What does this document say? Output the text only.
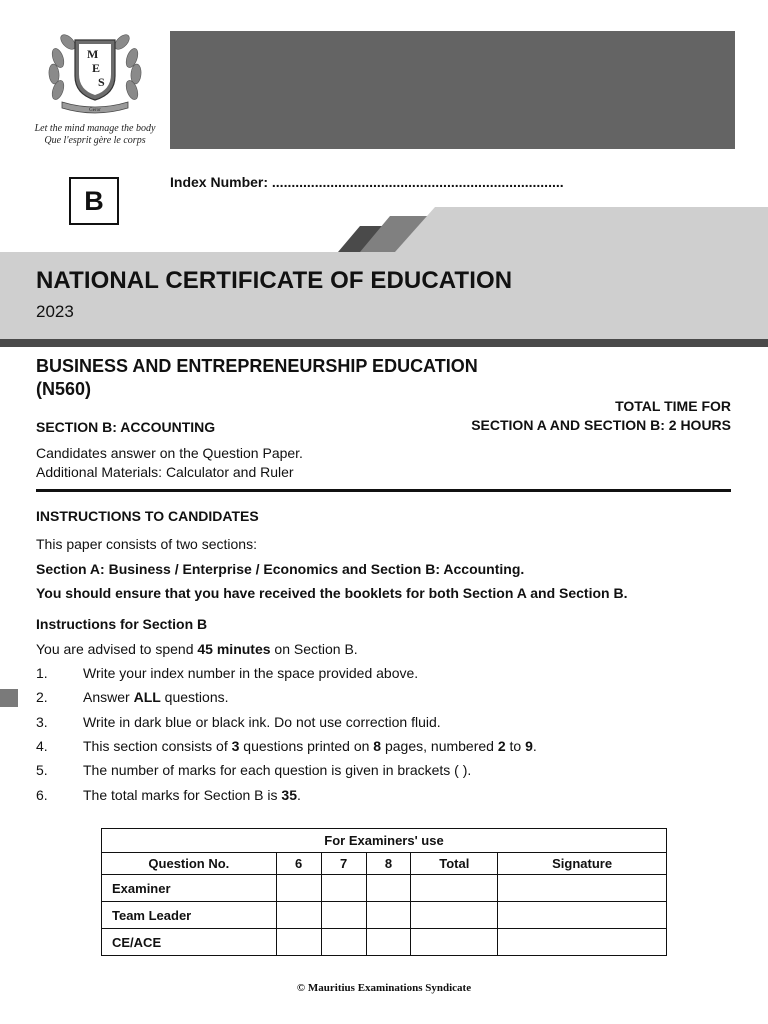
M
E
S
Geror
Let the mind manage the body
Que l'esprit gère le corps
B
Index Number: ...........................................................................
NATIONAL CERTIFICATE OF EDUCATION
2023
BUSINESS AND ENTREPRENEURSHIP EDUCATION
(N560)
TOTAL TIME FOR
SECTION A AND SECTION B: 2 HOURS
SECTION B: ACCOUNTING
Candidates answer on the Question Paper.
Additional Materials: Calculator and Ruler
INSTRUCTIONS TO CANDIDATES
This paper consists of two sections:
Section A: Business / Enterprise / Economics and Section B: Accounting.
You should ensure that you have received the booklets for both Section A and Section B.
Instructions for Section B
You are advised to spend 45 minutes on Section B.
1.	Write your index number in the space provided above.
2.	Answer ALL questions.
3.	Write in dark blue or black ink. Do not use correction fluid.
4.	This section consists of 3 questions printed on 8 pages, numbered 2 to 9.
5.	The number of marks for each question is given in brackets ( ).
6.	The total marks for Section B is 35.
For Examiners' use					
Question No.	6	7	8	Total	Signature
Examiner					
Team Leader					
CE/ACE					
© Mauritius Examinations Syndicate
